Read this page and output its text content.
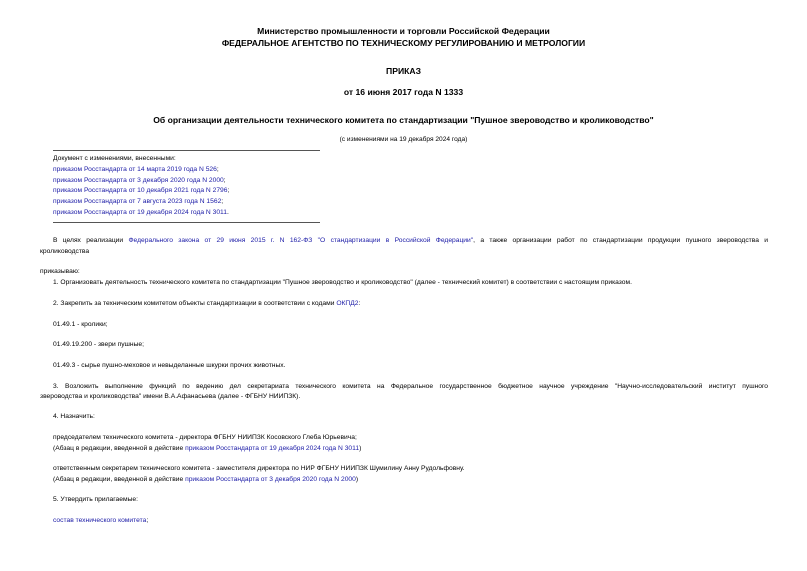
Министерство промышленности и торговли Российской Федерации
ФЕДЕРАЛЬНОЕ АГЕНТСТВО ПО ТЕХНИЧЕСКОМУ РЕГУЛИРОВАНИЮ И МЕТРОЛОГИИ
ПРИКАЗ
от 16 июня 2017 года N 1333
Об организации деятельности технического комитета по стандартизации "Пушное звероводство и кролиководство"
(с изменениями на 19 декабря 2024 года)
Документ с изменениями, внесенными:
приказом Росстандарта от 14 марта 2019 года N 526;
приказом Росстандарта от 3 декабря 2020 года N 2000;
приказом Росстандарта от 10 декабря 2021 года N 2796;
приказом Росстандарта от 7 августа 2023 года N 1562;
приказом Росстандарта от 19 декабря 2024 года N 3011.
В целях реализации Федерального закона от 29 июня 2015 г. N 162-ФЗ "О стандартизации в Российской Федерации", а также организации работ по стандартизации продукции пушного звероводства и
кролиководства
приказываю:
1. Организовать деятельность технического комитета по стандартизации "Пушное звероводство и кролиководство" (далее - технический комитет) в соответствии с настоящим приказом.
2. Закрепить за техническим комитетом объекты стандартизации в соответствии с кодами ОКПД2:
01.49.1 - кролики;
01.49.19.200 - звери пушные;
01.49.3 - сырье пушно-меховое и невыделанные шкурки прочих животных.
3. Возложить выполнение функций по ведению дел секретариата технического комитета на Федеральное государственное бюджетное научное учреждение "Научно-исследовательский институт пушного
звероводства и кролиководства" имени В.А.Афанасьева (далее - ФГБНУ НИИПЗК).
4. Назначить:
председателем технического комитета - директора ФГБНУ НИИПЗК Косовского Глеба Юрьевича;
(Абзац в редакции, введенной в действие приказом Росстандарта от 19 декабря 2024 года N 3011)
ответственным секретарем технического комитета - заместителя директора по НИР ФГБНУ НИИПЗК Шумилину Анну Рудольфовну.
(Абзац в редакции, введенной в действие приказом Росстандарта от 3 декабря 2020 года N 2000)
5. Утвердить прилагаемые:
состав технического комитета;
